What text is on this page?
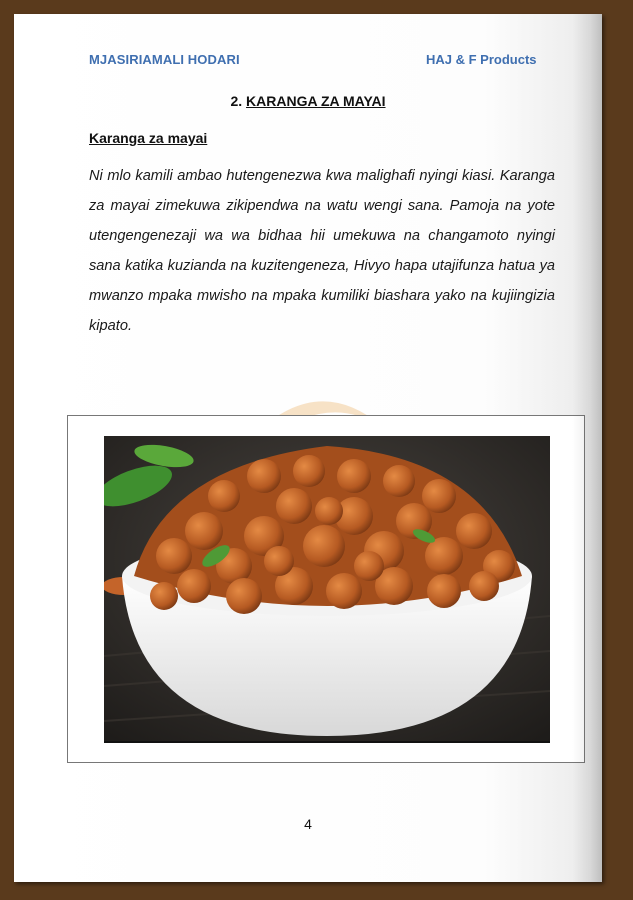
MJASIRIAMALI HODARI	HAJ & F Products
2. KARANGA ZA MAYAI
Karanga za mayai
Ni mlo kamili ambao hutengenezwa kwa malighafi nyingi kiasi. Karanga za mayai zimekuwa zikipendwa na watu wengi sana. Pamoja na yote utengengenezaji wa wa bidhaa hii umekuwa na changamoto nyingi sana katika kuzianda na kuzitengeneza, Hivyo hapa utajifunza hatua ya mwanzo mpaka mwisho na mpaka kumiliki biashara yako na kujiingizia kipato.
4
